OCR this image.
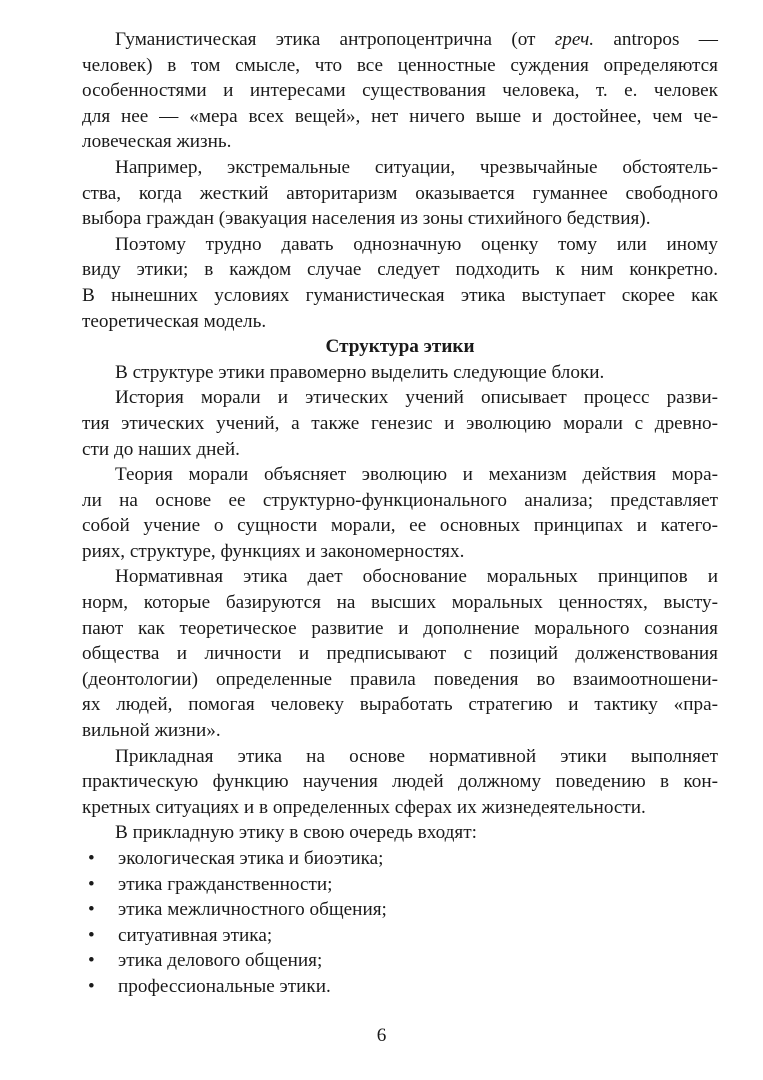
Гуманистическая этика антропоцентрична (от греч. antropos —
человек) в том смысле, что все ценностные суждения определяются
особенностями и интересами существования человека, т. е. человек
для нее — «мера всех вещей», нет ничего выше и достойнее, чем че-
ловеческая жизнь.
Например, экстремальные ситуации, чрезвычайные обстоятель-
ства, когда жесткий авторитаризм оказывается гуманнее свободного
выбора граждан (эвакуация населения из зоны стихийного бедствия).
Поэтому трудно давать однозначную оценку тому или иному
виду этики; в каждом случае следует подходить к ним конкретно.
В нынешних условиях гуманистическая этика выступает скорее как
теоретическая модель.
Структура этики
В структуре этики правомерно выделить следующие блоки.
История морали и этических учений описывает процесс разви-
тия этических учений, а также генезис и эволюцию морали с древно-
сти до наших дней.
Теория морали объясняет эволюцию и механизм действия мора-
ли на основе ее структурно-функционального анализа; представляет
собой учение о сущности морали, ее основных принципах и катего-
риях, структуре, функциях и закономерностях.
Нормативная этика дает обоснование моральных принципов и
норм, которые базируются на высших моральных ценностях, высту-
пают как теоретическое развитие и дополнение морального сознания
общества и личности и предписывают с позиций долженствования
(деонтологии) определенные правила поведения во взаимоотношени-
ях людей, помогая человеку выработать стратегию и тактику «пра-
вильной жизни».
Прикладная этика на основе нормативной этики выполняет
практическую функцию научения людей должному поведению в кон-
кретных ситуациях и в определенных сферах их жизнедеятельности.
В прикладную этику в свою очередь входят:
• экологическая этика и биоэтика;
• этика гражданственности;
• этика межличностного общения;
• ситуативная этика;
• этика делового общения;
• профессиональные этики.
6
